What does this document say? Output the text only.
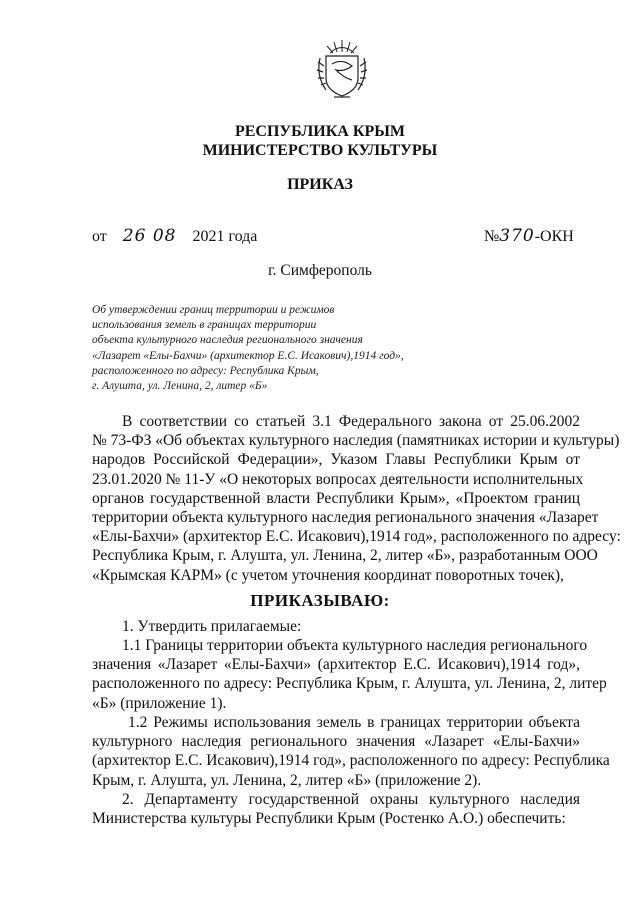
РЕСПУБЛИКА КРЫМ
МИНИСТЕРСТВО КУЛЬТУРЫ
ПРИКАЗ
от 26 08 2021 года	№370-ОКН
г. Симферополь
Об утверждении границ территории и режимов
использования земель в границах территории
объекта культурного наследия регионального значения
«Лазарет «Елы-Бахчи» (архитектор Е.С. Исакович),1914 год»,
расположенного по адресу: Республика Крым,
г. Алушта, ул. Ленина, 2, литер «Б»
В соответствии со статьей 3.1 Федерального закона от 25.06.2002
№ 73-ФЗ «Об объектах культурного наследия (памятниках истории и культуры)
народов Российской Федерации», Указом Главы Республики Крым от
23.01.2020 № 11-У «О некоторых вопросах деятельности исполнительных
органов государственной власти Республики Крым», «Проектом границ
территории объекта культурного наследия регионального значения «Лазарет
«Елы-Бахчи» (архитектор Е.С. Исакович),1914 год», расположенного по адресу:
Республика Крым, г. Алушта, ул. Ленина, 2, литер «Б», разработанным ООО
«Крымская КАРМ» (с учетом уточнения координат поворотных точек),
ПРИКАЗЫВАЮ:
1. Утвердить прилагаемые:
1.1 Границы территории объекта культурного наследия регионального
значения «Лазарет «Елы-Бахчи» (архитектор Е.С. Исакович),1914 год»,
расположенного по адресу: Республика Крым, г. Алушта, ул. Ленина, 2, литер
«Б» (приложение 1).
1.2 Режимы использования земель в границах территории объекта
культурного наследия регионального значения «Лазарет «Елы-Бахчи»
(архитектор Е.С. Исакович),1914 год», расположенного по адресу: Республика
Крым, г. Алушта, ул. Ленина, 2, литер «Б» (приложение 2).
2. Департаменту государственной охраны культурного наследия
Министерства культуры Республики Крым (Ростенко А.О.) обеспечить:
